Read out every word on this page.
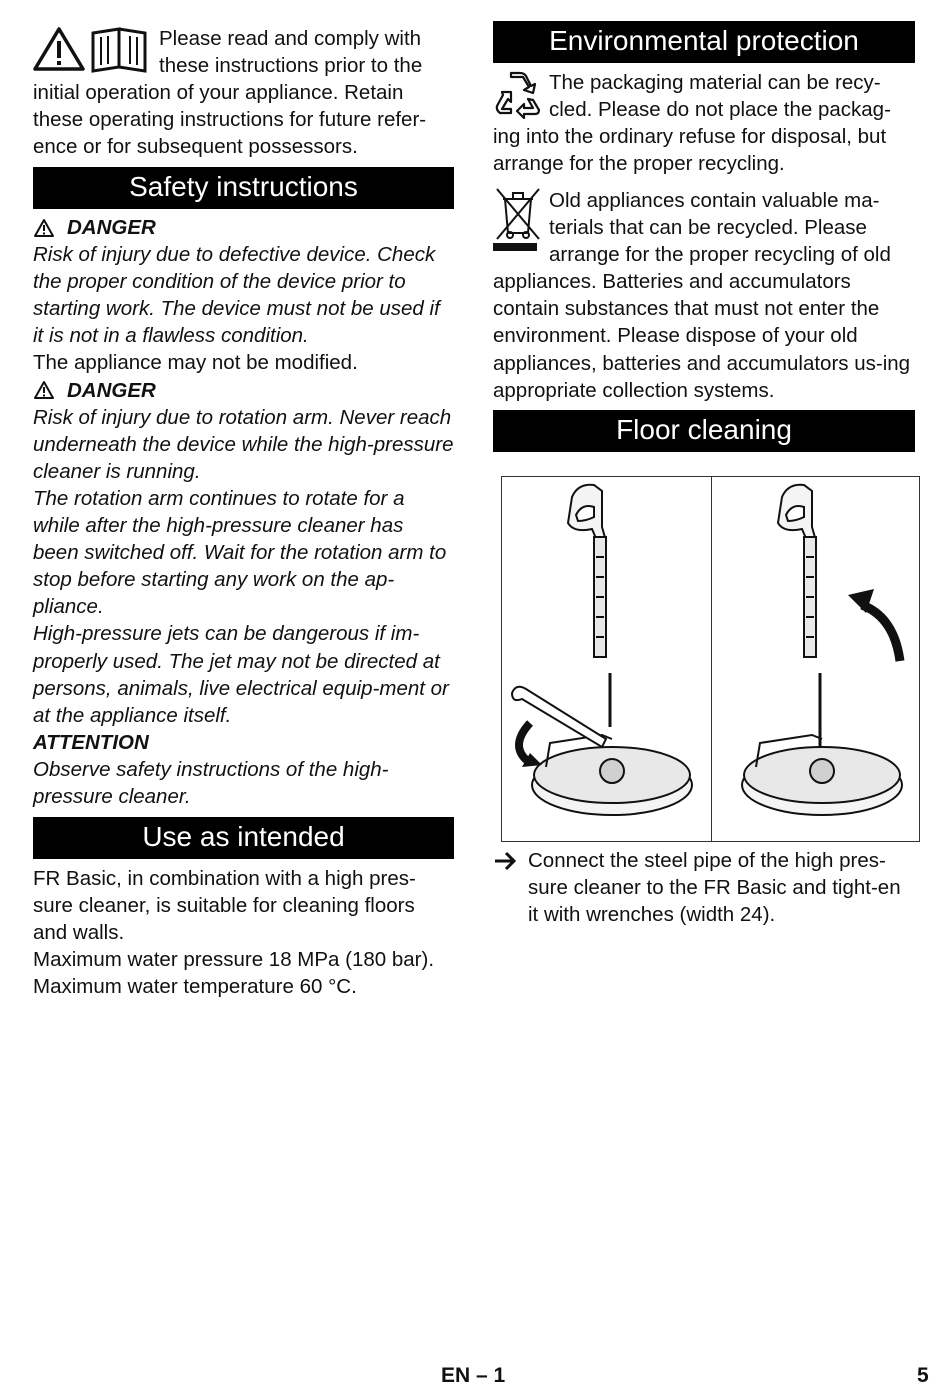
Please read and comply with these instructions prior to the initial operation of your appliance. Retain these operating instructions for future refer-ence or for subsequent possessors.

Safety instructions
DANGER

Risk of injury due to defective device. Check the proper condition of the device prior to starting work. The device must not be used if it is not in a flawless condition.

The appliance may not be modified.

DANGER

Risk of injury due to rotation arm. Never reach underneath the device while the high-pressure cleaner is running.

The rotation arm continues to rotate for a while after the high-pressure cleaner has been switched off. Wait for the rotation arm to stop before starting any work on the ap-pliance.

High-pressure jets can be dangerous if im-properly used. The jet may not be directed at persons, animals, live electrical equip-ment or at the appliance itself.

ATTENTION

Observe safety instructions of the high-pressure cleaner.

Use as intended

FR Basic, in combination with a high pres-sure cleaner, is suitable for cleaning floors and walls.

Maximum water pressure 18 MPa (180 bar). Maximum water temperature 60 °C.

Environmental protection

The packaging material can be recy-cled. Please do not place the packag-ing into the ordinary refuse for disposal, but arrange for the proper recycling.

Old appliances contain valuable ma-terials that can be recycled. Please arrange for the proper recycling of old appliances. Batteries and accumulators contain substances that must not enter the environment. Please dispose of your old appliances, batteries and accumulators us-ing appropriate collection systems.

Floor cleaning

Connect the steel pipe of the high pres-sure cleaner to the FR Basic and tight-en it with wrenches (width 24).

EN – 1	5
